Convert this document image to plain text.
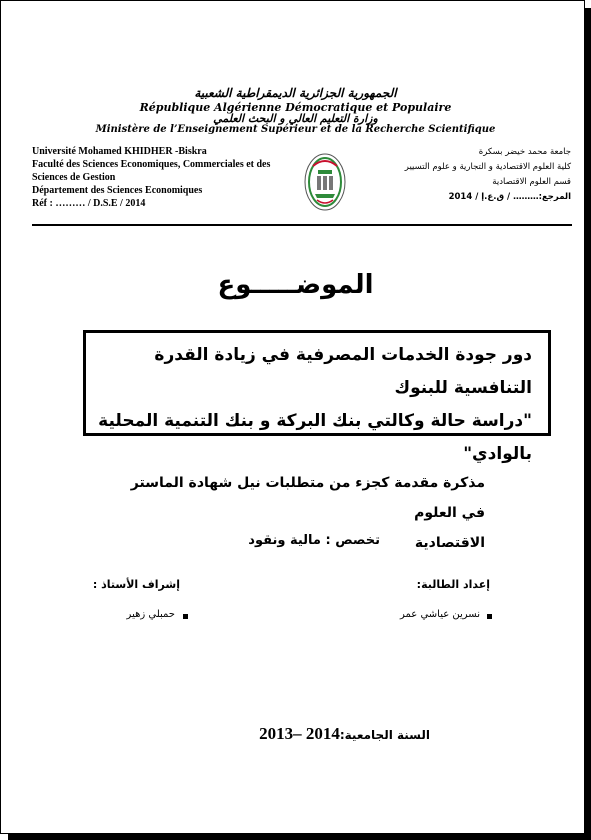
الجمهورية الجزائرية الديمقراطية الشعبية
République Algérienne Démocratique et Populaire
وزارة التعليم العالي و البحث العلمي
Ministère de l’Enseignement Supérieur et de la Recherche Scientifique
Université Mohamed KHIDHER -Biskra
Faculté des Sciences Economiques, Commerciales et des
Sciences de Gestion
Département des Sciences Economiques
Réf : ……… / D.S.E / 2014
جامعة محمد خيضر بسكرة
كلية العلوم الاقتصادية و التجارية و علوم التسيير
قسم العلوم الاقتصادية
المرجع:……… / ق.ع.إ / 2014
الموضـــــوع
دور جودة الخدمات المصرفية في زيادة القدرة التنافسية للبنوك
"دراسة حالة وكالتي بنك البركة و بنك التنمية المحلية بالوادي"
مذكرة مقدمة كجزء من متطلبات نيل شهادة الماستر في العلوم
الاقتصادية
تخصص : مالية ونقود
إعداد الطالبة:
إشراف الأستاذ :
نسرين عياشي عمر
حمبلي زهير
السنة الجامعية:2013– 2014
